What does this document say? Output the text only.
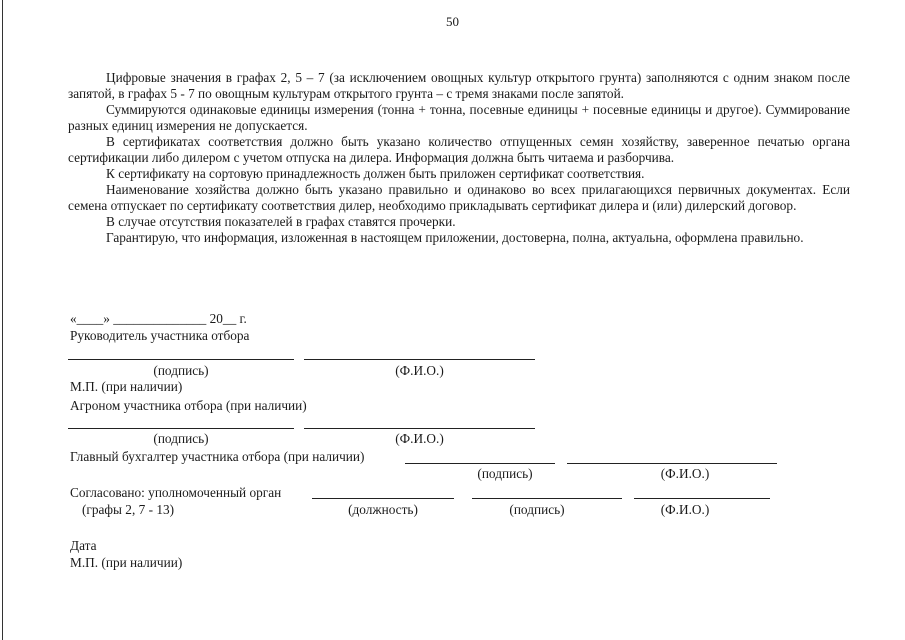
50

Цифровые значения в графах 2, 5 – 7 (за исключением овощных культур открытого грунта) заполняются с одним знаком после запятой, в графах 5 - 7 по овощным культурам открытого грунта – с тремя знаками после запятой.

Суммируются одинаковые единицы измерения (тонна + тонна, посевные единицы + посевные единицы и другое). Суммирование разных единиц измерения не допускается.

В сертификатах соответствия должно быть указано количество отпущенных семян хозяйству, заверенное печатью органа сертификации либо дилером с учетом отпуска на дилера. Информация должна быть читаема и разборчива.

К сертификату на сортовую принадлежность должен быть приложен сертификат соответствия.

Наименование хозяйства должно быть указано правильно и одинаково во всех прилагающихся первичных документах. Если семена отпускает по сертификату соответствия дилер, необходимо прикладывать сертификат дилера и (или) дилерский договор.

В случае отсутствия показателей в графах ставятся прочерки.

Гарантирую, что информация, изложенная в настоящем приложении, достоверна, полна, актуальна, оформлена правильно.

«____» ______________ 20__ г.
Руководитель участника отбора
(подпись)	(Ф.И.О.)
М.П. (при наличии)
Агроном участника отбора (при наличии)
(подпись)	(Ф.И.О.)
Главный бухгалтер участника отбора (при наличии)
(подпись)	(Ф.И.О.)
Согласовано: уполномоченный орган
(графы 2, 7 - 13)	(должность)	(подпись)	(Ф.И.О.)
Дата
М.П. (при наличии)
